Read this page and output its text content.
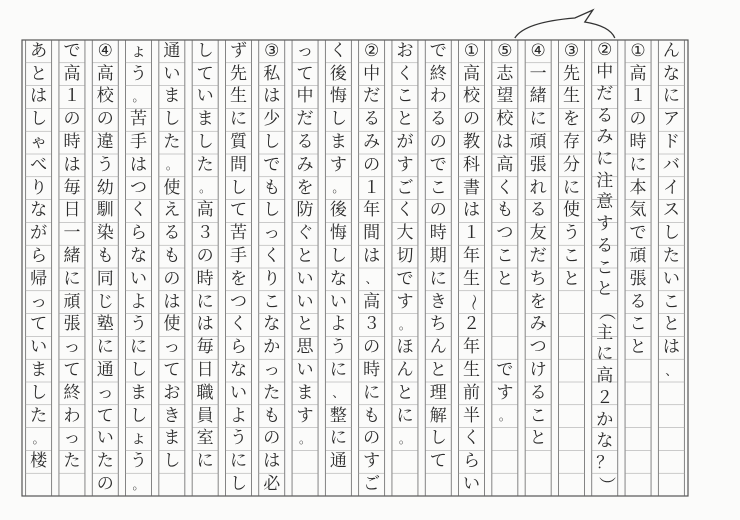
ん
な
に
ア
ド
バ
イ
ス
し
た
い
こ
と
は
、
①
高
１
の
時
に
本
気
で
頑
張
る
こ
と
②
中
だ
る
み
に
注
意
す
る
こ
と
（
主
に
高
２
か
な
？
）
③
先
生
を
存
分
に
使
う
こ
と
④
一
緒
に
頑
張
れ
る
友
だ
ち
を
み
つ
け
る
こ
と
⑤
志
望
校
は
高
く
も
つ
こ
と

で
す
。
①
高
校
の
教
科
書
は
１
年
生
〜
２
年
生
前
半
く
ら
い
で
終
わ
る
の
で
こ
の
時
期
に
き
ち
ん
と
理
解
し
て
お
く
こ
と
が
す
ご
く
大
切
で
す
。
ほ
ん
と
に
。
②
中
だ
る
み
の
１
年
間
は
、
高
３
の
時
に
も
の
す
ご
く
後
悔
し
ま
す
。
後
悔
し
な
い
よ
う
に
、
整
に
通
っ
て
中
だ
る
み
を
防
ぐ
と
い
い
と
思
い
ま
す
。
③
私
は
少
し
で
も
し
っ
く
り
こ
な
か
っ
た
も
の
は
必
ず
先
生
に
質
問
し
て
苦
手
を
つ
く
ら
な
い
よ
う
に
し
し
て
い
ま
し
た
。
高
３
の
時
に
は
毎
日
職
員
室
に
通
い
ま
し
た
。
使
え
る
も
の
は
使
っ
て
お
き
ま
し
ょ
う
。
苦
手
は
つ
く
ら
な
い
よ
う
に
し
ま
し
ょ
う
。
④
高
校
の
違
う
幼
馴
染
も
同
じ
塾
に
通
っ
て
い
た
の
で
高
１
の
時
は
毎
日
一
緒
に
頑
張
っ
て
終
わ
っ
た
あ
と
は
し
ゃ
べ
り
な
が
ら
帰
っ
て
い
ま
し
た
。
楼
